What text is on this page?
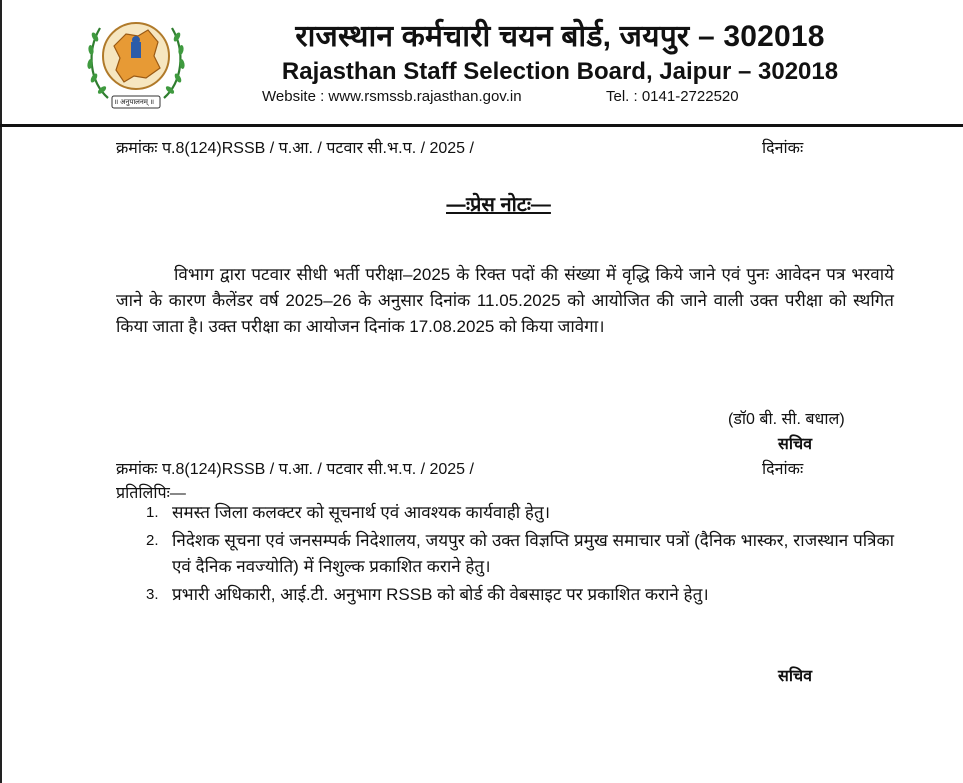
॥ अनुपालनम् ॥
राजस्थान कर्मचारी चयन बोर्ड, जयपुर – 302018
Rajasthan Staff Selection Board, Jaipur – 302018
Website : www.rsmssb.rajasthan.gov.in	Tel. : 0141-2722520
क्रमांकः प.8(124)RSSB / प.आ. / पटवार सी.भ.प. / 2025 /	दिनांकः
—ःप्रेस नोटः—

विभाग द्वारा पटवार सीधी भर्ती परीक्षा–2025 के रिक्त पदों की संख्या में वृद्धि किये जाने एवं पुनः आवेदन पत्र भरवाये जाने के कारण कैलेंडर वर्ष 2025–26 के अनुसार दिनांक 11.05.2025 को आयोजित की जाने वाली उक्त परीक्षा को स्थगित किया जाता है। उक्त परीक्षा का आयोजन दिनांक 17.08.2025 को किया जावेगा।

(डॉ0 बी. सी. बधाल)
सचिव
क्रमांकः प.8(124)RSSB / प.आ. / पटवार सी.भ.प. / 2025 /	दिनांकः
प्रतिलिपिः—
1. समस्त जिला कलक्टर को सूचनार्थ एवं आवश्यक कार्यवाही हेतु।
2. निदेशक सूचना एवं जनसम्पर्क निदेशालय, जयपुर को उक्त विज्ञप्ति प्रमुख समाचार पत्रों (दैनिक भास्कर, राजस्थान पत्रिका एवं दैनिक नवज्योति) में निशुल्क प्रकाशित कराने हेतु।
3. प्रभारी अधिकारी, आई.टी. अनुभाग RSSB को बोर्ड की वेबसाइट पर प्रकाशित कराने हेतु।
सचिव
